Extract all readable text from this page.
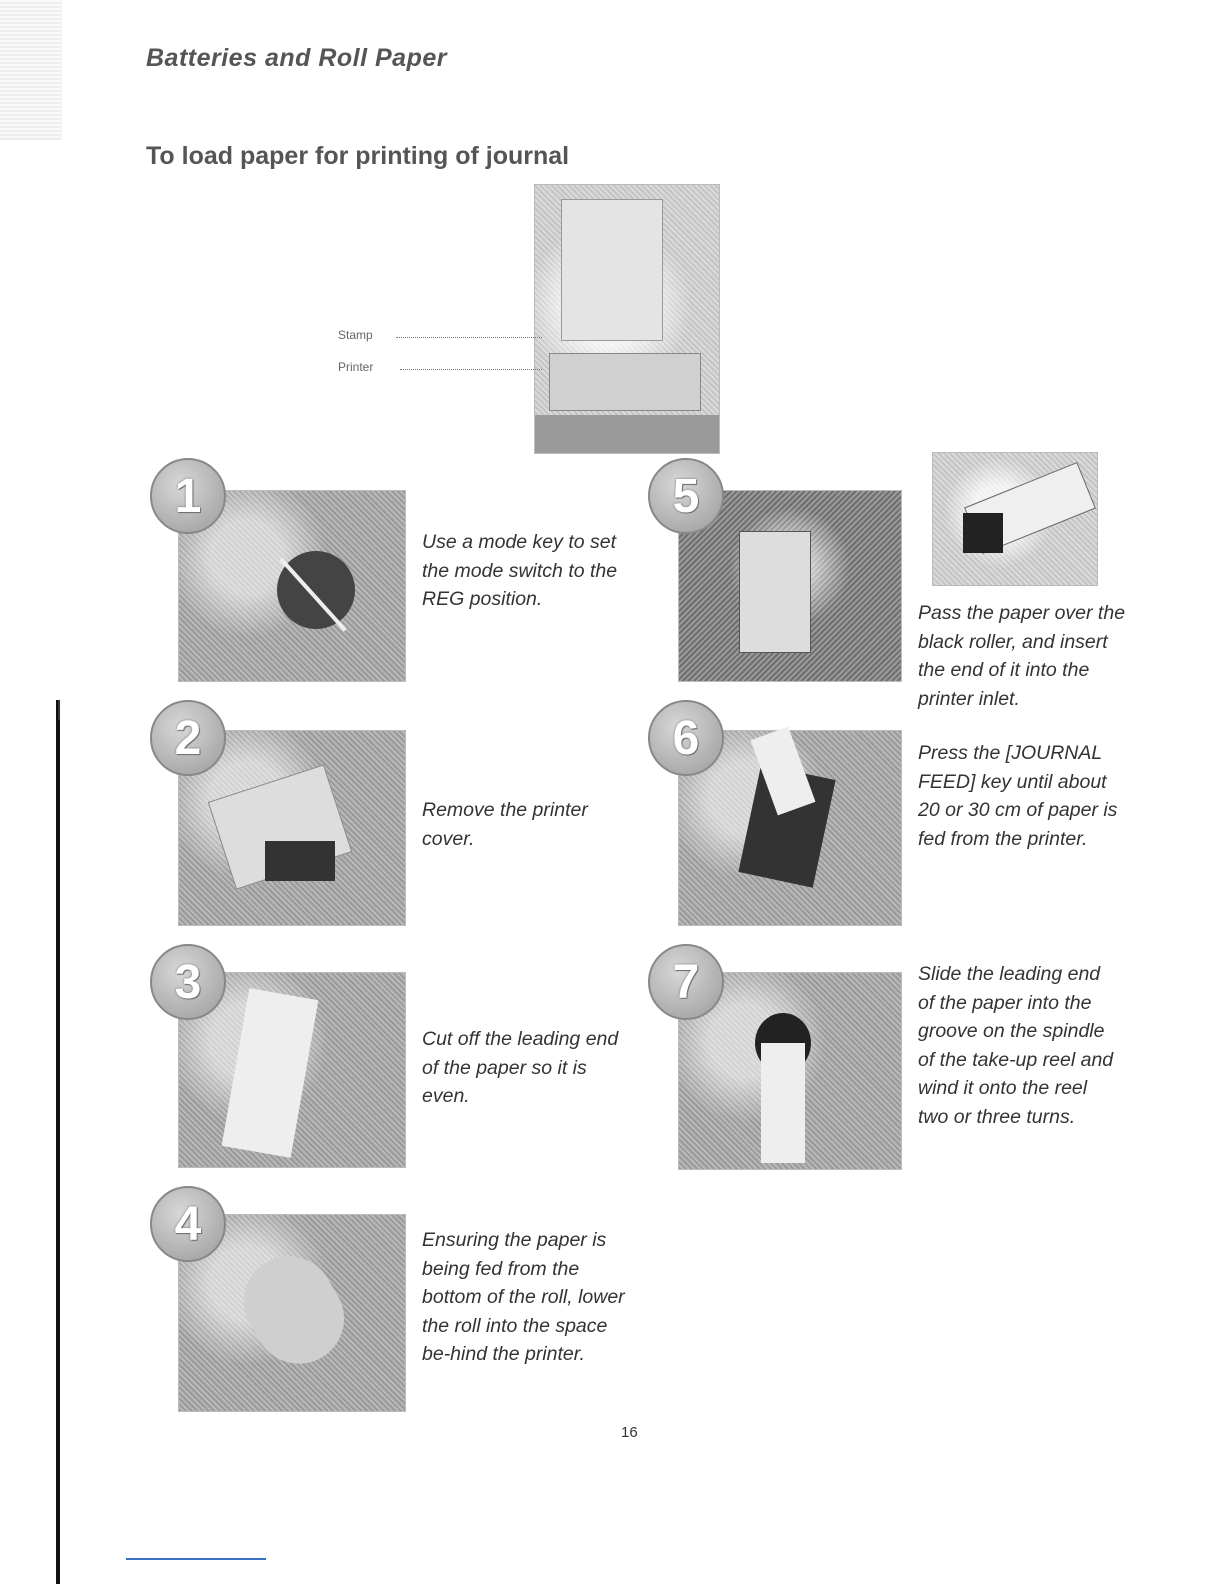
Batteries and Roll Paper
To load paper for printing of journal
Stamp
Printer
1

Use a mode key to set the mode switch to the REG position.

2

Remove the printer cover.

3

Cut off the leading end of the paper so it is even.

4	Ensuring the paper is being fed from the bottom of the roll, lower the roll into the space be-hind the printer.

5

Pass the paper over the black roller, and insert the end of it into the printer inlet.

6	Press the [JOURNAL FEED] key until about 20 or 30 cm of paper is fed from the printer.

7	Slide the leading end of the paper into the groove on the spindle of the take-up reel and wind it onto the reel two or three turns.

16
